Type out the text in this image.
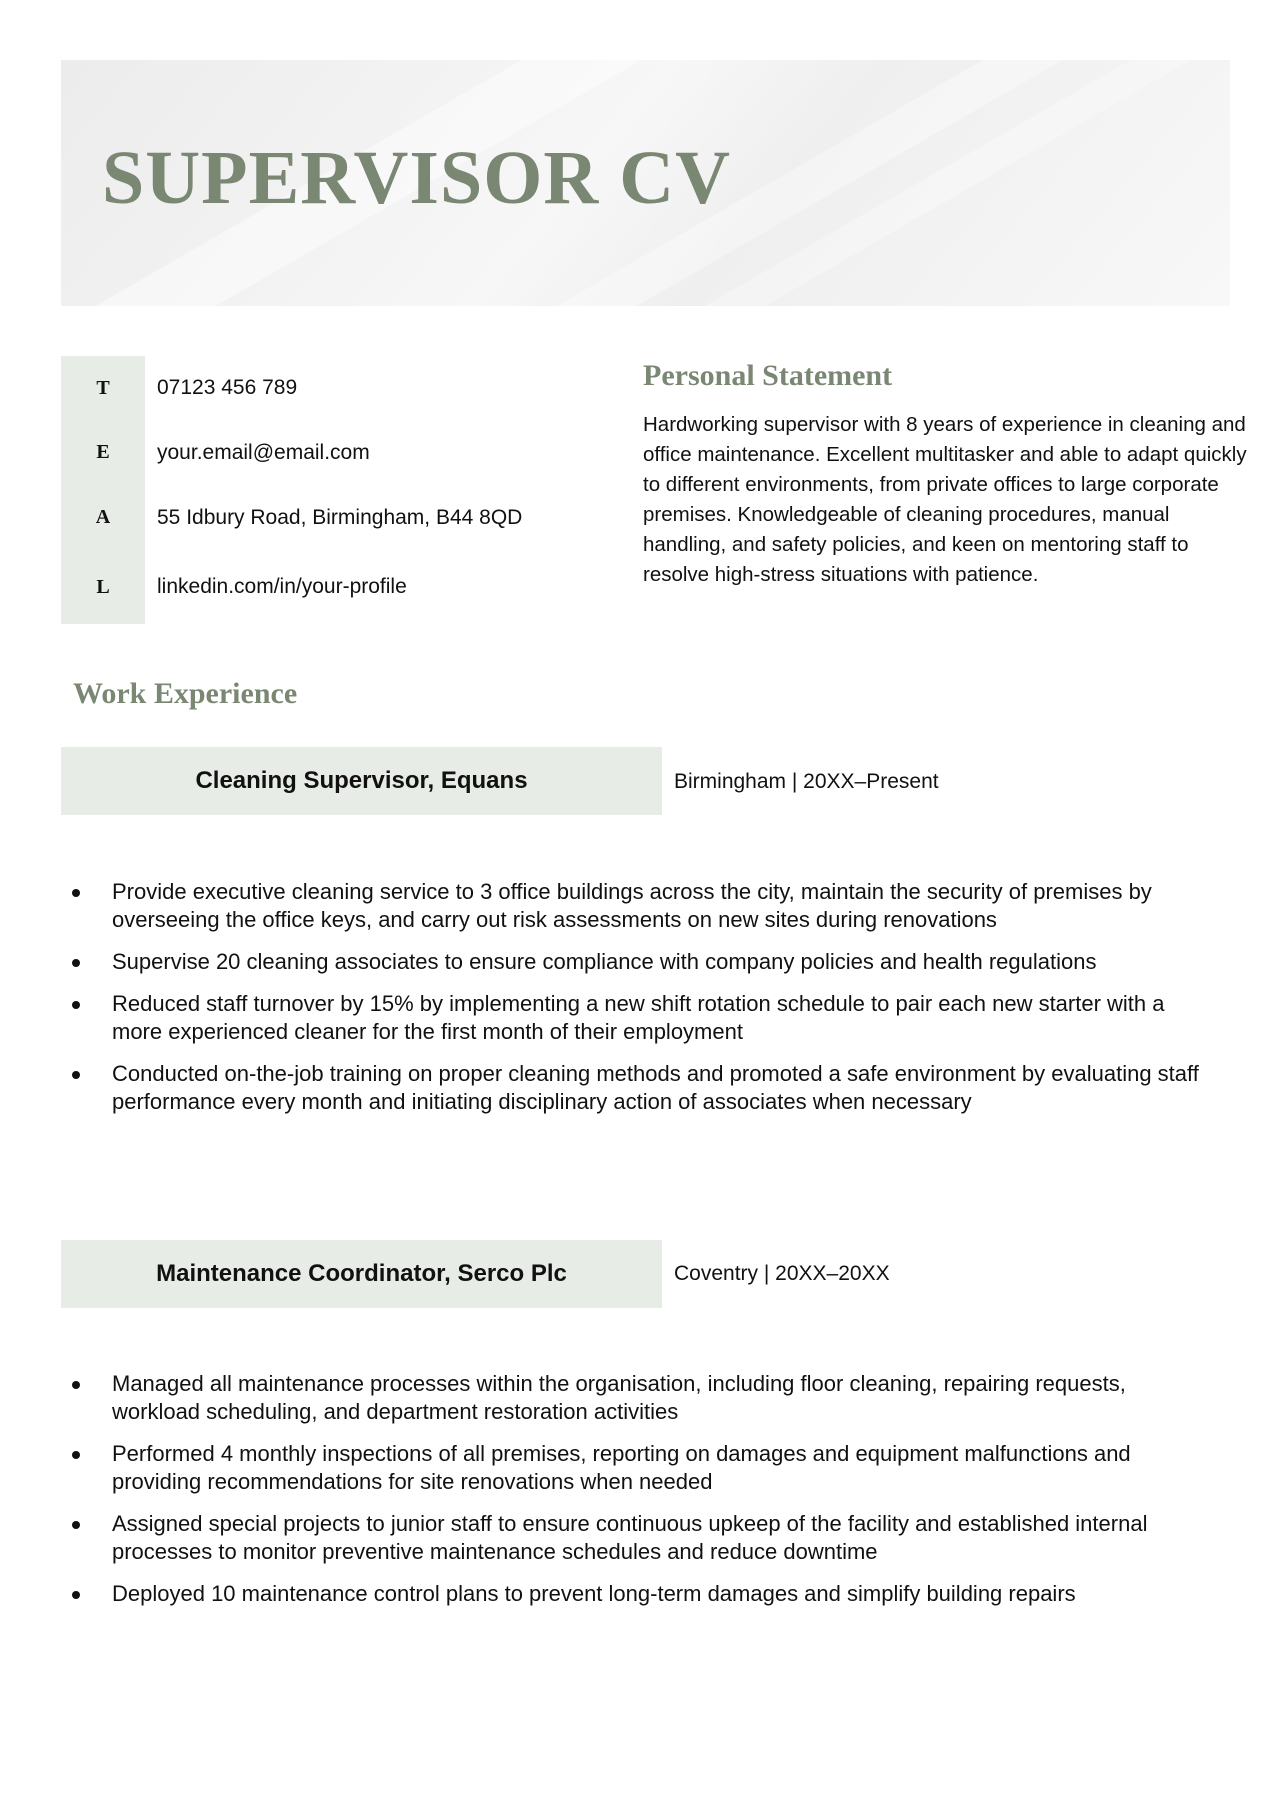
SUPERVISOR CV
T	07123 456 789
E	your.email@email.com
A	55 Idbury Road, Birmingham, B44 8QD
L	linkedin.com/in/your-profile
Personal Statement

Hardworking supervisor with 8 years of experience in cleaning and office maintenance. Excellent multitasker and able to adapt quickly to different environments, from private offices to large corporate premises. Knowledgeable of cleaning procedures, manual handling, and safety policies, and keen on mentoring staff to resolve high-stress situations with patience.

Work Experience
Cleaning Supervisor, Equans	Birmingham | 20XX–Present
Provide executive cleaning service to 3 office buildings across the city, maintain the security of premises by overseeing the office keys, and carry out risk assessments on new sites during renovations
Supervise 20 cleaning associates to ensure compliance with company policies and health regulations
Reduced staff turnover by 15% by implementing a new shift rotation schedule to pair each new starter with a more experienced cleaner for the first month of their employment
Conducted on-the-job training on proper cleaning methods and promoted a safe environment by evaluating staff performance every month and initiating disciplinary action of associates when necessary
Maintenance Coordinator, Serco Plc	Coventry | 20XX–20XX
Managed all maintenance processes within the organisation, including floor cleaning, repairing requests, workload scheduling, and department restoration activities
Performed 4 monthly inspections of all premises, reporting on damages and equipment malfunctions and providing recommendations for site renovations when needed
Assigned special projects to junior staff to ensure continuous upkeep of the facility and established internal processes to monitor preventive maintenance schedules and reduce downtime
Deployed 10 maintenance control plans to prevent long-term damages and simplify building repairs
